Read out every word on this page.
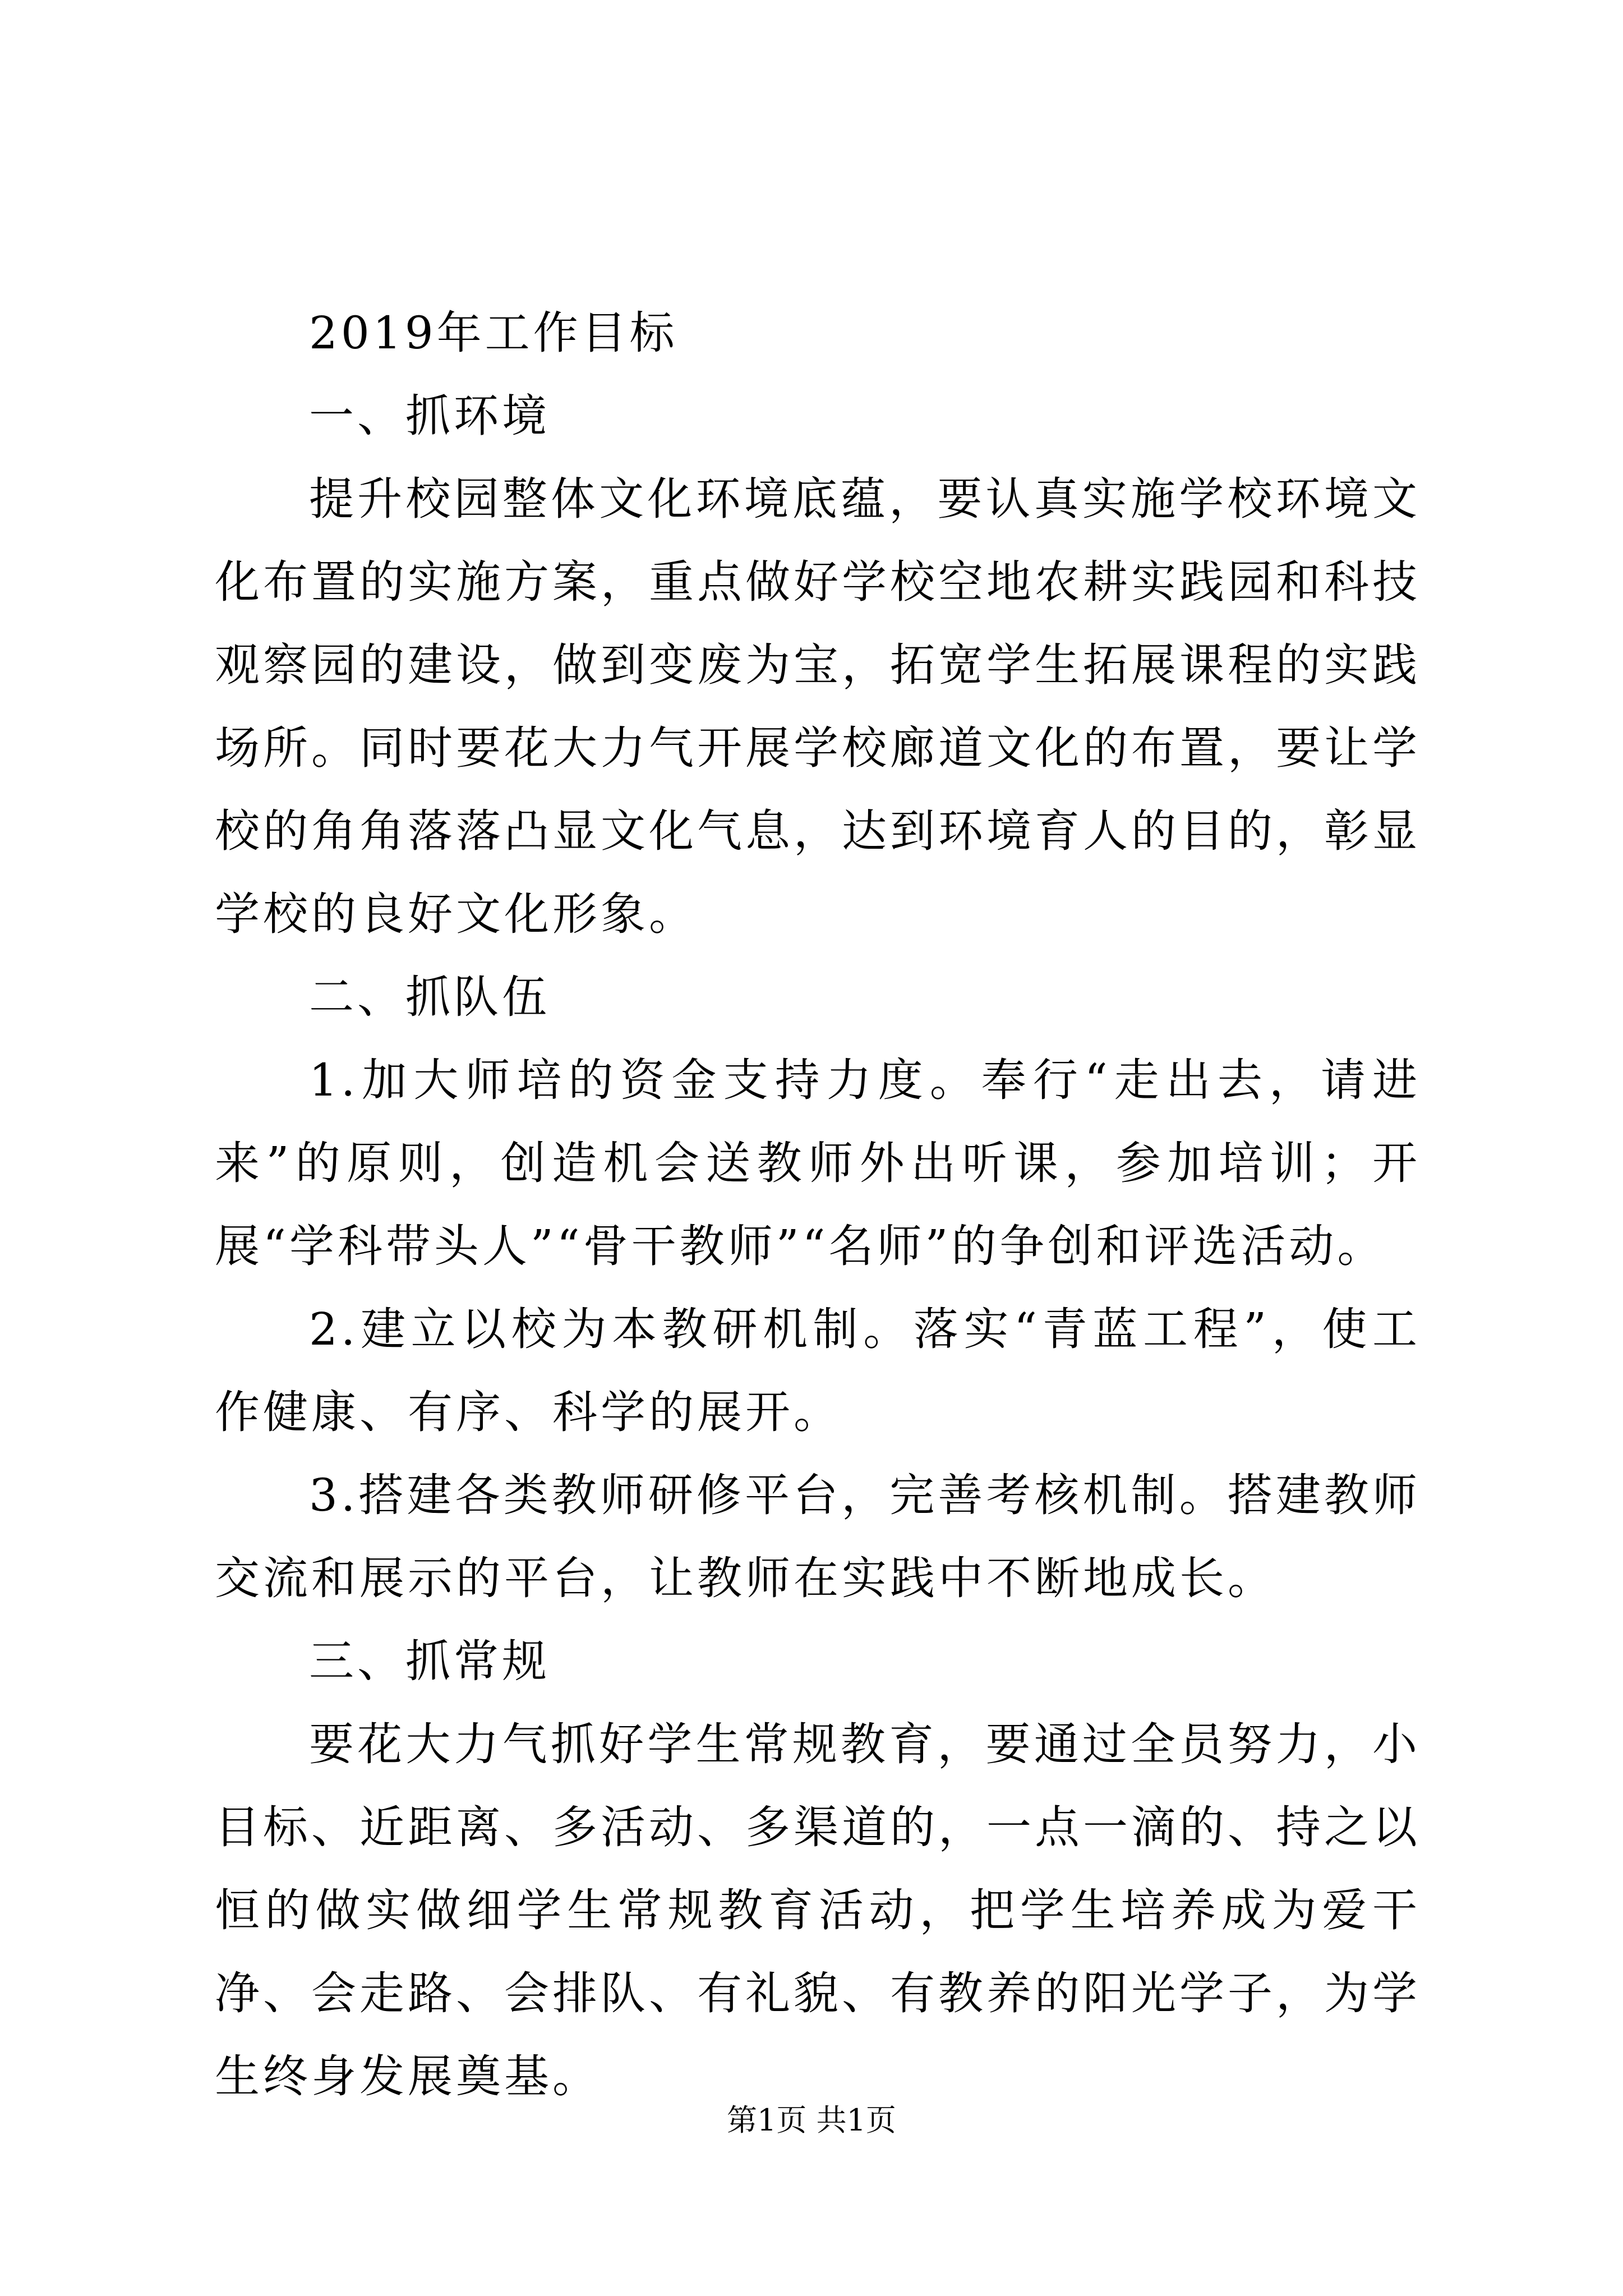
2019年工作目标

一、抓环境

提升校园整体文化环境底蕴，要认真实施学校环境文化布置的实施方案，重点做好学校空地农耕实践园和科技观察园的建设，做到变废为宝，拓宽学生拓展课程的实践场所。同时要花大力气开展学校廊道文化的布置，要让学校的角角落落凸显文化气息，达到环境育人的目的，彰显学校的良好文化形象。

二、抓队伍

1.加大师培的资金支持力度。奉行“走出去，请进来”的原则，创造机会送教师外出听课，参加培训；开展“学科带头人”“骨干教师”“名师”的争创和评选活动。

2.建立以校为本教研机制。落实“青蓝工程”，使工作健康、有序、科学的展开。

3.搭建各类教师研修平台，完善考核机制。搭建教师交流和展示的平台，让教师在实践中不断地成长。

三、抓常规

要花大力气抓好学生常规教育，要通过全员努力，小目标、近距离、多活动、多渠道的，一点一滴的、持之以恒的做实做细学生常规教育活动，把学生培养成为爱干净、会走路、会排队、有礼貌、有教养的阳光学子，为学生终身发展奠基。

第1页 共1页
